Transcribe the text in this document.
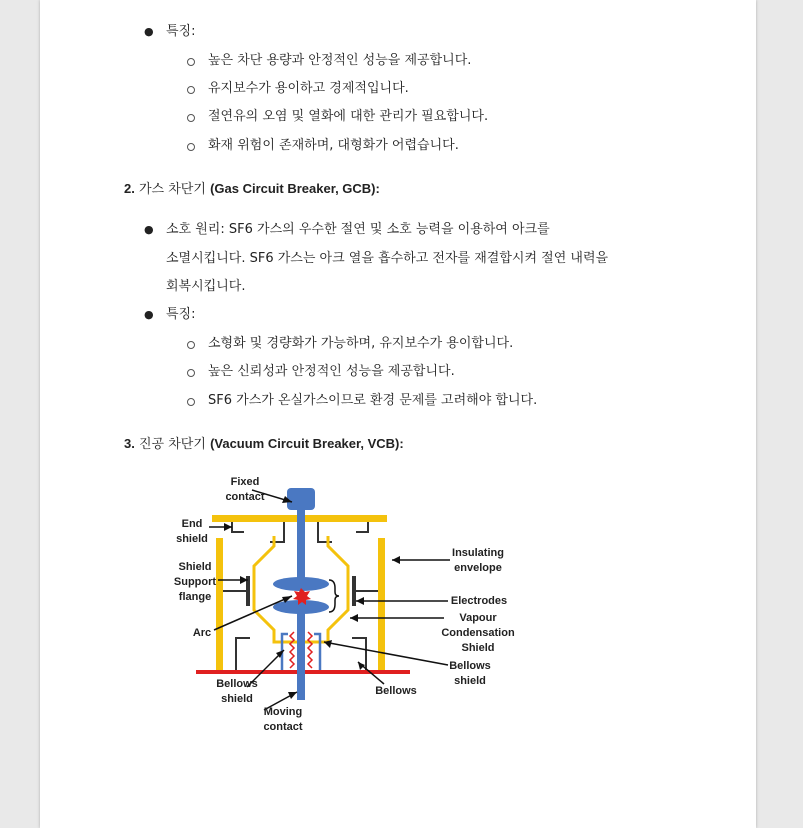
● 특징:
높은 차단 용량과 안정적인 성능을 제공합니다.
유지보수가 용이하고 경제적입니다.
절연유의 오염 및 열화에 대한 관리가 필요합니다.
화재 위험이 존재하며, 대형화가 어렵습니다.
2. 가스 차단기 (Gas Circuit Breaker, GCB):
● 소호 원리: SF6 가스의 우수한 절연 및 소호 능력을 이용하여 아크를
소멸시킵니다. SF6 가스는 아크 열을 흡수하고 전자를 재결합시켜 절연 내력을
회복시킵니다.
● 특징:
소형화 및 경량화가 가능하며, 유지보수가 용이합니다.
높은 신뢰성과 안정적인 성능을 제공합니다.
SF6 가스가 온실가스이므로 환경 문제를 고려해야 합니다.
3. 진공 차단기 (Vacuum Circuit Breaker, VCB):
Fixed
contact
End
shield
Shield
Support
flange
Arc
Bellows
shield
Moving
contact
Insulating
envelope
Electrodes
Vapour
Condensation
Shield
Bellows
shield
Bellows
